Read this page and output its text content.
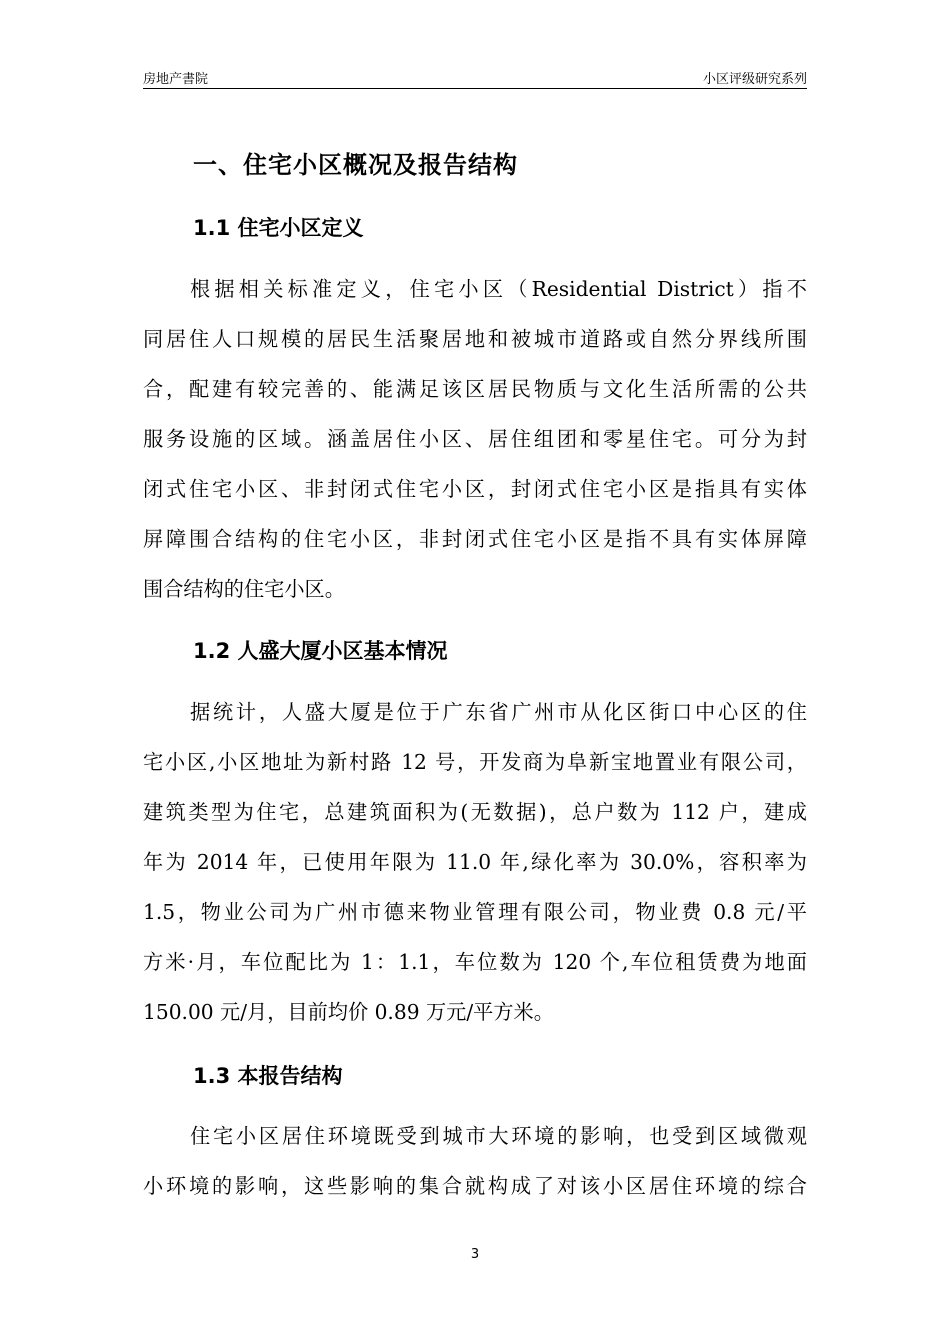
房地产書院	小区评级研究系列
一、住宅小区概况及报告结构
1.1 住宅小区定义
根据相关标准定义，住宅小区（Residential District）指不
同居住人口规模的居民生活聚居地和被城市道路或自然分界线所围
合，配建有较完善的、能满足该区居民物质与文化生活所需的公共
服务设施的区域。涵盖居住小区、居住组团和零星住宅。可分为封
闭式住宅小区、非封闭式住宅小区，封闭式住宅小区是指具有实体
屏障围合结构的住宅小区，非封闭式住宅小区是指不具有实体屏障
围合结构的住宅小区。
1.2 人盛大厦小区基本情况
据统计，人盛大厦是位于广东省广州市从化区街口中心区的住
宅小区,小区地址为新村路 12 号，开发商为阜新宝地置业有限公司，
建筑类型为住宅，总建筑面积为(无数据)，总户数为 112 户，建成
年为 2014 年，已使用年限为 11.0 年,绿化率为 30.0%，容积率为
1.5，物业公司为广州市德来物业管理有限公司，物业费 0.8 元/平
方米·月，车位配比为 1：1.1，车位数为 120 个,车位租赁费为地面
150.00 元/月，目前均价 0.89 万元/平方米。
1.3 本报告结构
住宅小区居住环境既受到城市大环境的影响，也受到区域微观
小环境的影响，这些影响的集合就构成了对该小区居住环境的综合
3
